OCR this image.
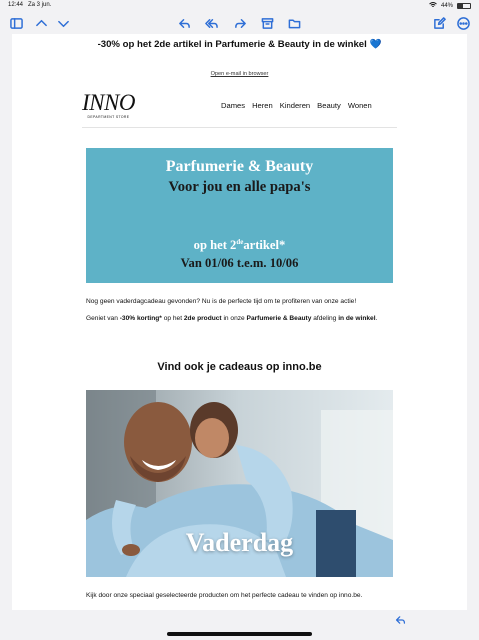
12:44 Za 3 jun.	44%
-30% op het 2de artikel in Parfumerie & Beauty in de winkel 💙
Open e-mail in browser
INNO
DEPARTMENT STORE
Dames Heren Kinderen Beauty Wonen
Parfumerie & Beauty
Voor jou en alle papa's
op het 2deartikel*
Van 01/06 t.e.m. 10/06
Nog geen vaderdagcadeau gevonden? Nu is de perfecte tijd om te profiteren van onze actie!
Geniet van -30% korting* op het 2de product in onze Parfumerie & Beauty afdeling in de winkel.
Vind ook je cadeaus op inno.be
Vaderdag
Kijk door onze speciaal geselecteerde producten om het perfecte cadeau te vinden op inno.be.
